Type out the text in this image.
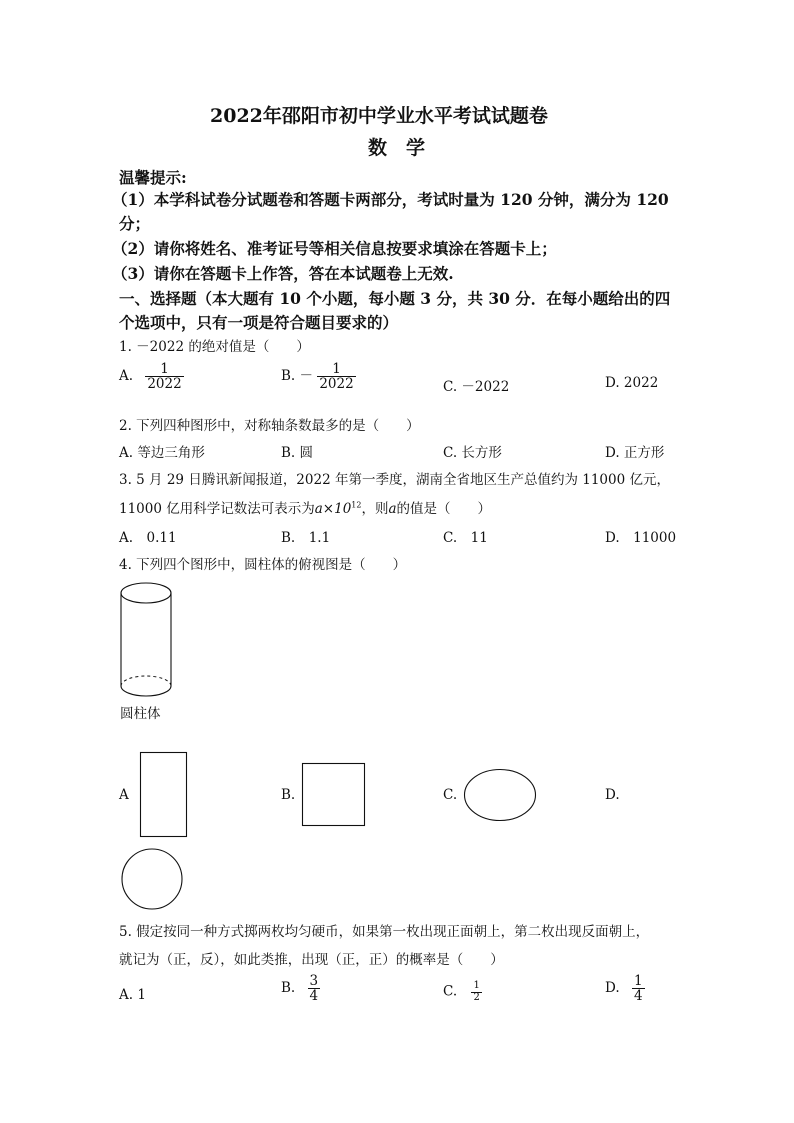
2022年邵阳市初中学业水平考试试题卷
数　学
温馨提示:
（1）本学科试卷分试题卷和答题卡两部分，考试时量为 120 分钟，满分为 120
分；
（2）请你将姓名、准考证号等相关信息按要求填涂在答题卡上；
（3）请你在答题卡上作答，答在本试题卷上无效.
一、选择题（本大题有 10 个小题，每小题 3 分，共 30 分．在每小题给出的四
个选项中，只有一项是符合题目要求的）
1. －2022 的绝对值是（　　）
A. $\frac{1}{2022}$	B. － $\frac{1}{2022}$	C. －2022	D. 2022
2. 下列四种图形中，对称轴条数最多的是（　　）
A. 等边三角形	B. 圆	C. 长方形	D. 正方形
3. 5 月 29 日腾讯新闻报道，2022 年第一季度，湖南全省地区生产总值约为 11000 亿元，
11000 亿用科学记数法可表示为$a\times 10^{12}$，则a的值是（　　）
A.　0.11	B.　1.1	C.　11	D.　11000
4. 下列四个图形中，圆柱体的俯视图是（　　）
圆柱体
A	B.	C.	D.
5. 假定按同一种方式掷两枚均匀硬币，如果第一枚出现正面朝上，第二枚出现反面朝上，
就记为（正，反），如此类推，出现（正，正）的概率是（　　）
A. 1	B. $\frac{3}{4}$	C. $\frac{1}{2}$	D. $\frac{1}{4}$
